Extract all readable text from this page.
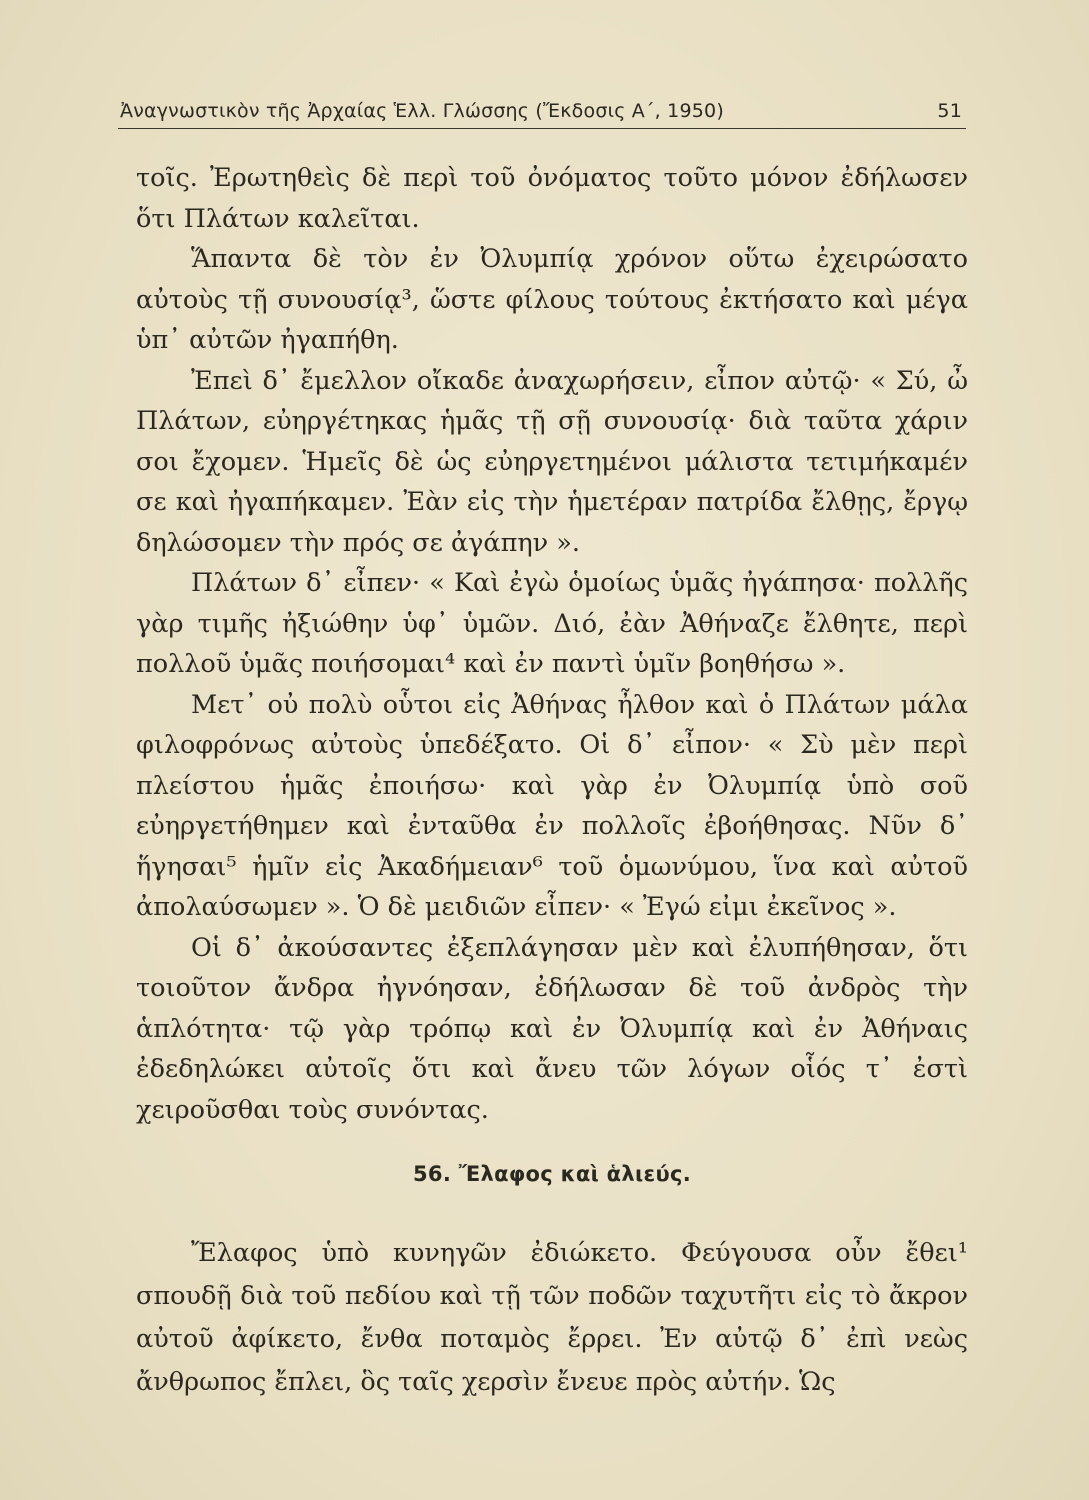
Ἀναγνωστικὸν τῆς Ἀρχαίας Ἑλλ. Γλώσσης (Ἔκδοσις Α΄, 1950)	51

τοῖς. Ἐρωτηθεὶς δὲ περὶ τοῦ ὀνόματος τοῦτο μόνον ἐδήλωσεν ὅτι Πλάτων καλεῖται.

Ἅπαντα δὲ τὸν ἐν Ὀλυμπίᾳ χρόνον οὕτω ἐχειρώσατο αὐτοὺς τῇ συνουσίᾳ³, ὥστε φίλους τούτους ἐκτήσατο καὶ μέγα ὑπ᾽ αὐτῶν ἠγαπήθη.

Ἐπεὶ δ᾽ ἔμελλον οἴκαδε ἀναχωρήσειν, εἶπον αὐτῷ· « Σύ, ὦ Πλάτων, εὐηργέτηκας ἡμᾶς τῇ σῇ συνουσίᾳ· διὰ ταῦτα χάριν σοι ἔχομεν. Ἡμεῖς δὲ ὡς εὐηργετημένοι μάλιστα τετιμήκαμέν σε καὶ ἠγαπήκαμεν. Ἐὰν εἰς τὴν ἡμετέραν πατρίδα ἔλθῃς, ἔργῳ δηλώσομεν τὴν πρός σε ἀγάπην ».

Πλάτων δ᾽ εἶπεν· « Καὶ ἐγὼ ὁμοίως ὑμᾶς ἠγάπησα· πολλῆς γὰρ τιμῆς ἠξιώθην ὑφ᾽ ὑμῶν. Διό, ἐὰν Ἀθήναζε ἔλθητε, περὶ πολλοῦ ὑμᾶς ποιήσομαι⁴ καὶ ἐν παντὶ ὑμῖν βοηθήσω ».

Μετ᾽ οὐ πολὺ οὗτοι εἰς Ἀθήνας ἦλθον καὶ ὁ Πλάτων μάλα φιλοφρόνως αὐτοὺς ὑπεδέξατο. Οἱ δ᾽ εἶπον· « Σὺ μὲν περὶ πλείστου ἡμᾶς ἐποιήσω· καὶ γὰρ ἐν Ὀλυμπίᾳ ὑπὸ σοῦ εὐηργετήθημεν καὶ ἐνταῦθα ἐν πολλοῖς ἐβοήθησας. Νῦν δ᾽ ἥγησαι⁵ ἡμῖν εἰς Ἀκαδήμειαν⁶ τοῦ ὁμωνύμου, ἵνα καὶ αὐτοῦ ἀπολαύσωμεν ». Ὁ δὲ μειδιῶν εἶπεν· « Ἐγώ εἰμι ἐκεῖνος ».

Οἱ δ᾽ ἀκούσαντες ἐξεπλάγησαν μὲν καὶ ἐλυπήθησαν, ὅτι τοιοῦτον ἄνδρα ἠγνόησαν, ἐδήλωσαν δὲ τοῦ ἀνδρὸς τὴν ἁπλότητα· τῷ γὰρ τρόπῳ καὶ ἐν Ὀλυμπίᾳ καὶ ἐν Ἀθήναις ἐδεδηλώκει αὐτοῖς ὅτι καὶ ἄνευ τῶν λόγων οἷός τ᾽ ἐστὶ χειροῦσθαι τοὺς συνόντας.

56. Ἔλαφος καὶ ἁλιεύς.

Ἔλαφος ὑπὸ κυνηγῶν ἐδιώκετο. Φεύγουσα οὖν ἔθει¹ σπουδῇ διὰ τοῦ πεδίου καὶ τῇ τῶν ποδῶν ταχυτῆτι εἰς τὸ ἄκρον αὐτοῦ ἀφίκετο, ἔνθα ποταμὸς ἔρρει. Ἐν αὐτῷ δ᾽ ἐπὶ νεὼς ἄνθρωπος ἔπλει, ὃς ταῖς χερσὶν ἔνευε πρὸς αὐτήν. Ὡς
